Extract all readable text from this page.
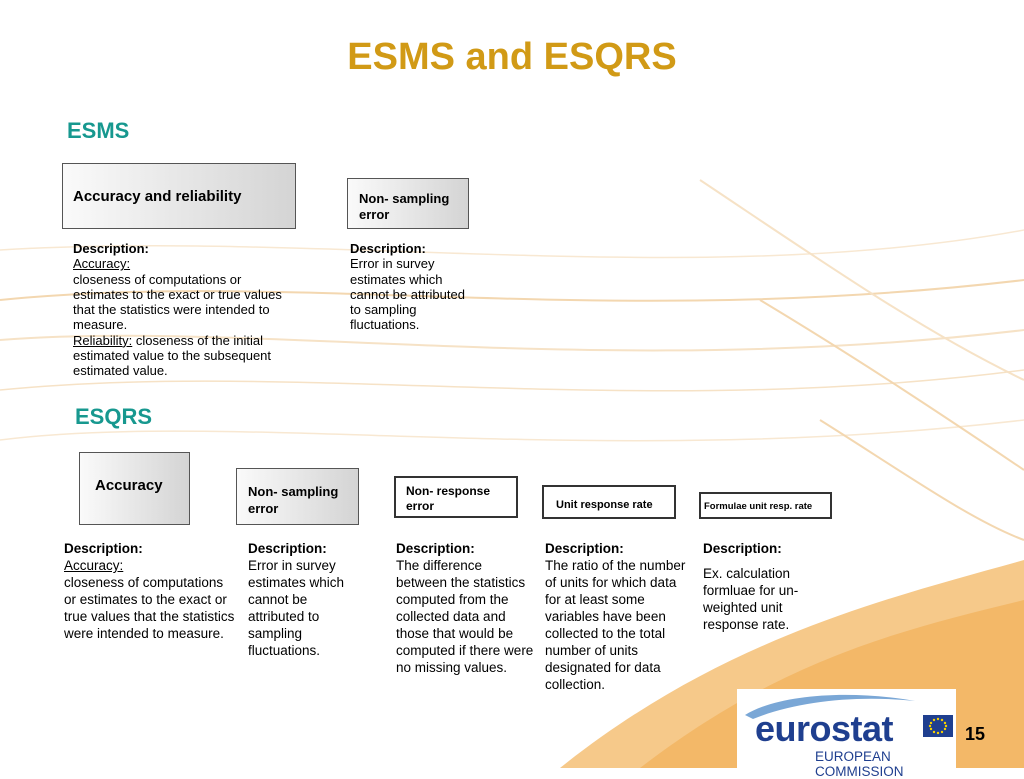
ESMS and ESQRS
ESMS
Accuracy and reliability	Non- sampling error
Description:
Accuracy:
closeness of computations or estimates to the exact or true values that the statistics were intended to measure.
Reliability: closeness of the initial estimated value to the subsequent estimated value.
Description:
Error in survey estimates which cannot be attributed to sampling fluctuations.
ESQRS
Accuracy	Non- sampling error
Non- response error	Unit response rate	Formulae unit resp. rate
Description:
Accuracy:
closeness of computations or estimates to the exact or true values that the statistics were intended to measure.
Description:
Error in survey estimates which cannot be attributed to sampling fluctuations.
Description:
The difference between the statistics computed from the collected data and those that would be computed if there were no missing values.
Description:
The ratio of the number of units for which data for at least some variables have been collected to the total number of units designated for data collection.
Description:
Ex. calculation formluae for un-weighted unit response rate.
eurostat
EUROPEAN COMMISSION
15
